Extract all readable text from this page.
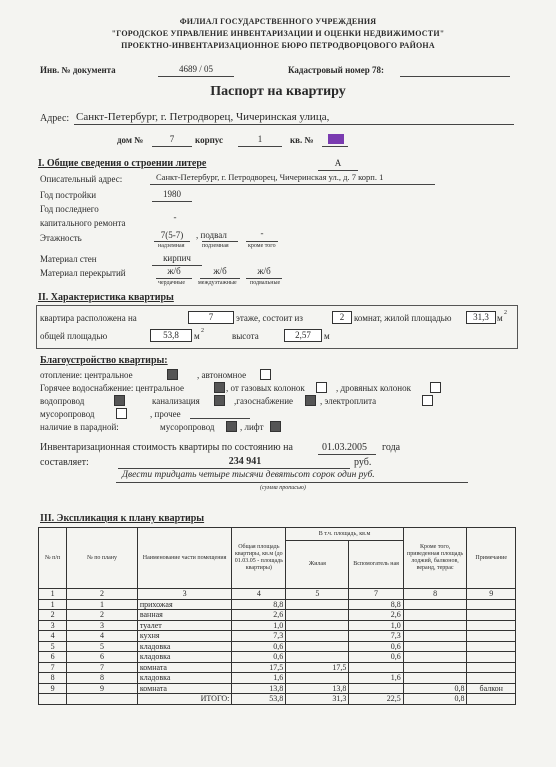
ФИЛИАЛ ГОСУДАРСТВЕННОГО УЧРЕЖДЕНИЯ
"ГОРОДСКОЕ УПРАВЛЕНИЕ ИНВЕНТАРИЗАЦИИ И ОЦЕНКИ НЕДВИЖИМОСТИ"
ПРОЕКТНО-ИНВЕНТАРИЗАЦИОННОЕ БЮРО ПЕТРОДВОРЦОВОГО РАЙОНА
Инв. № документа	4689 / 05	Кадастровый номер 78:
Паспорт на квартиру
Адрес: Санкт-Петербург, г. Петродворец, Чичеринская улица,
дом №	7	корпус	1	кв. №
I. Общие сведения о строении литере	А
Описательный адрес:	Санкт-Петербург, г. Петродворец, Чичеринская ул., д. 7 корп. 1
Год постройки	1980
Год последнего
капитального ремонта
-
Этажность	7(5-7)	, подвал	-
надземная	подземная	кроме того
Материал стен	кирпич
Материал перекрытий	ж/б	ж/б	ж/б
чердачные междуэтажные подвальные
II. Характеристика квартиры
квартира расположена на	7	этаже, состоит из	2	комнат, жилой площадью	31,3 м 2
общей площадью	53,8	м 2	высота	2,57	м
Благоустройство квартиры:
отопление: центральное	, автономное
Горячее водоснабжение: центральное	, от газовых колонок	, дровяных колонок
водопровод	канализация	,газоснабжение	, электроплита
мусоропровод	, прочее
наличие в парадной:	мусоропровод	, лифт
Инвентаризационная стоимость квартиры по состоянию на	01.03.2005 года
составляет:	234 941	руб.
Двести тридцать четыре тысячи девятьсот сорок один руб.
(сумма прописью)
III. Экспликация к плану квартиры
№ п/п	№ по плану	Наименование части помещения	Общая площадь квартиры, кв.м (до 01.03.05 - площадь квартиры)	В т.ч. площадь, кв.м		Кроме того, приведенная площадь лоджий, балконов, веранд, террас	Примечание
				Жилая	Вспомогатель ная		
1	2	3	4	5	7	8	9
1	1	прихожая	8,8		8,8		
2	2	ванная	2,6		2,6		
3	3	туалет	1,0		1,0		
4	4	кухня	7,3		7,3		
5	5	кладовка	0,6		0,6		
6	6	кладовка	0,6		0,6		
7	7	комната	17,5	17,5			
8	8	кладовка	1,6		1,6		
9	9	комната	13,8	13,8		0,8	балкон
		ИТОГО:	53,8	31,3	22,5	0,8	
